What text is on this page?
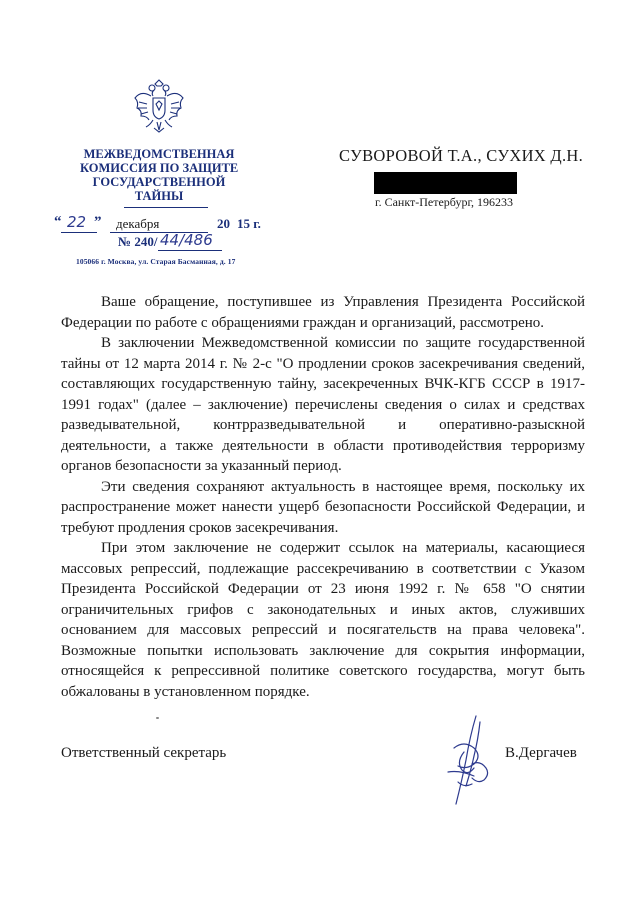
МЕЖВЕДОМСТВЕННАЯ
КОМИССИЯ ПО ЗАЩИТЕ
ГОСУДАРСТВЕННОЙ
ТАЙНЫ
“ 22 ” декабря	20 15 г.
№ 240/ 44/486
105066 г. Москва, ул. Старая Басманная, д. 17
СУВОРОВОЙ Т.А., СУХИХ Д.Н.
г. Санкт-Петербург, 196233

Ваше обращение, поступившее из Управления Президента Российской Федерации по работе с обращениями граждан и организаций, рассмотрено.

В заключении Межведомственной комиссии по защите государственной тайны от 12 марта 2014 г. № 2-с "О продлении сроков засекречивания сведений, составляющих государственную тайну, засекреченных ВЧК-КГБ СССР в 1917-1991 годах" (далее – заключение) перечислены сведения о силах и средствах разведывательной, контрразведывательной и оперативно-разыскной деятельности, а также деятельности в области противодействия терроризму органов безопасности за указанный период.

Эти сведения сохраняют актуальность в настоящее время, поскольку их распространение может нанести ущерб безопасности Российской Федерации, и требуют продления сроков засекречивания.

При этом заключение не содержит ссылок на материалы, касающиеся массовых репрессий, подлежащие рассекречиванию в соответствии с Указом Президента Российской Федерации от 23 июня 1992 г. № 658 "О снятии ограничительных грифов с законодательных и иных актов, служивших основанием для массовых репрессий и посягательств на права человека". Возможные попытки использовать заключение для сокрытия информации, относящейся к репрессивной политике советского государства, могут быть обжалованы в установленном порядке.

Ответственный секретарь	В.Дергачев
